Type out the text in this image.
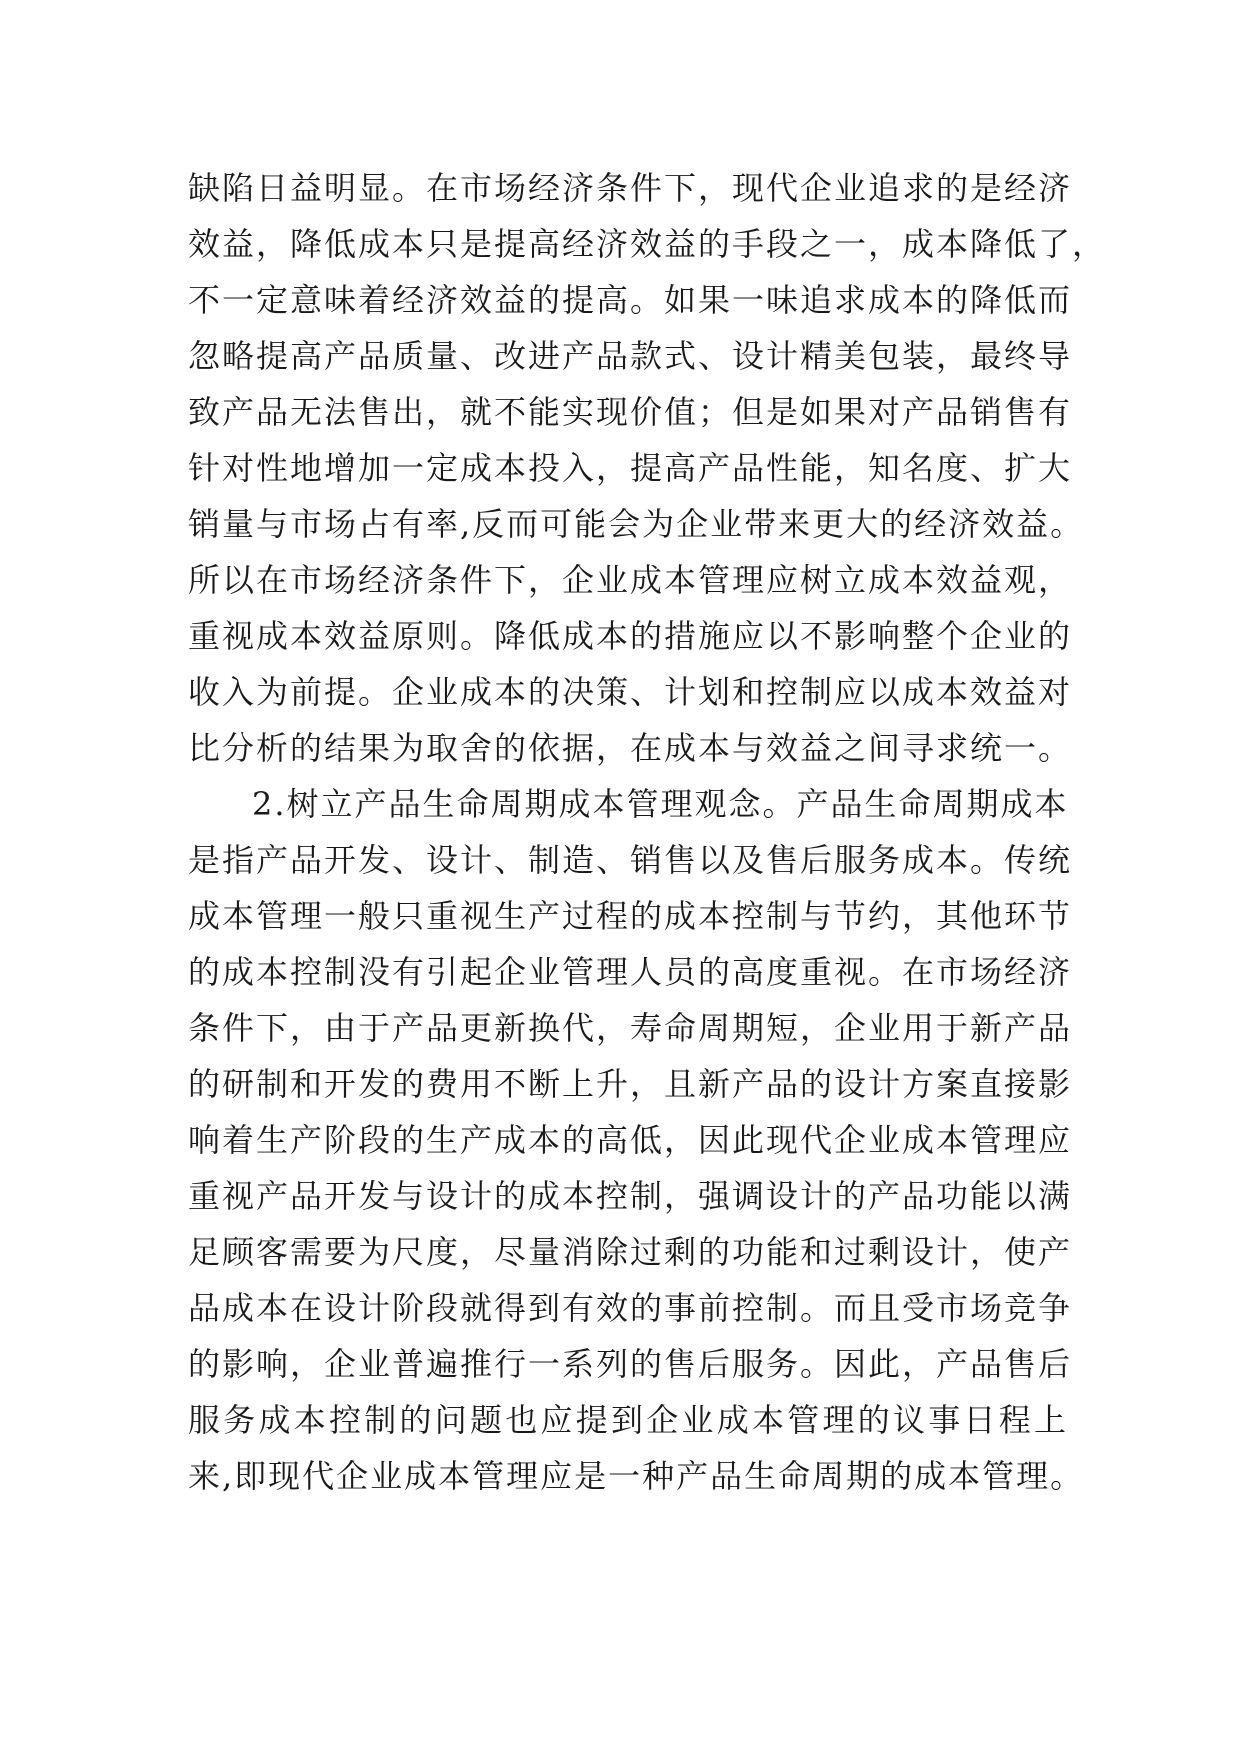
缺陷日益明显。在市场经济条件下，现代企业追求的是经济
效益，降低成本只是提高经济效益的手段之一，成本降低了，
不一定意味着经济效益的提高。如果一味追求成本的降低而
忽略提高产品质量、改进产品款式、设计精美包装，最终导
致产品无法售出，就不能实现价值；但是如果对产品销售有
针对性地增加一定成本投入，提高产品性能，知名度、扩大
销量与市场占有率,反而可能会为企业带来更大的经济效益。
所以在市场经济条件下，企业成本管理应树立成本效益观，
重视成本效益原则。降低成本的措施应以不影响整个企业的
收入为前提。企业成本的决策、计划和控制应以成本效益对
比分析的结果为取舍的依据，在成本与效益之间寻求统一。
2.树立产品生命周期成本管理观念。产品生命周期成本
是指产品开发、设计、制造、销售以及售后服务成本。传统
成本管理一般只重视生产过程的成本控制与节约，其他环节
的成本控制没有引起企业管理人员的高度重视。在市场经济
条件下，由于产品更新换代，寿命周期短，企业用于新产品
的研制和开发的费用不断上升，且新产品的设计方案直接影
响着生产阶段的生产成本的高低，因此现代企业成本管理应
重视产品开发与设计的成本控制，强调设计的产品功能以满
足顾客需要为尺度，尽量消除过剩的功能和过剩设计，使产
品成本在设计阶段就得到有效的事前控制。而且受市场竞争
的影响，企业普遍推行一系列的售后服务。因此，产品售后
服务成本控制的问题也应提到企业成本管理的议事日程上
来,即现代企业成本管理应是一种产品生命周期的成本管理。
